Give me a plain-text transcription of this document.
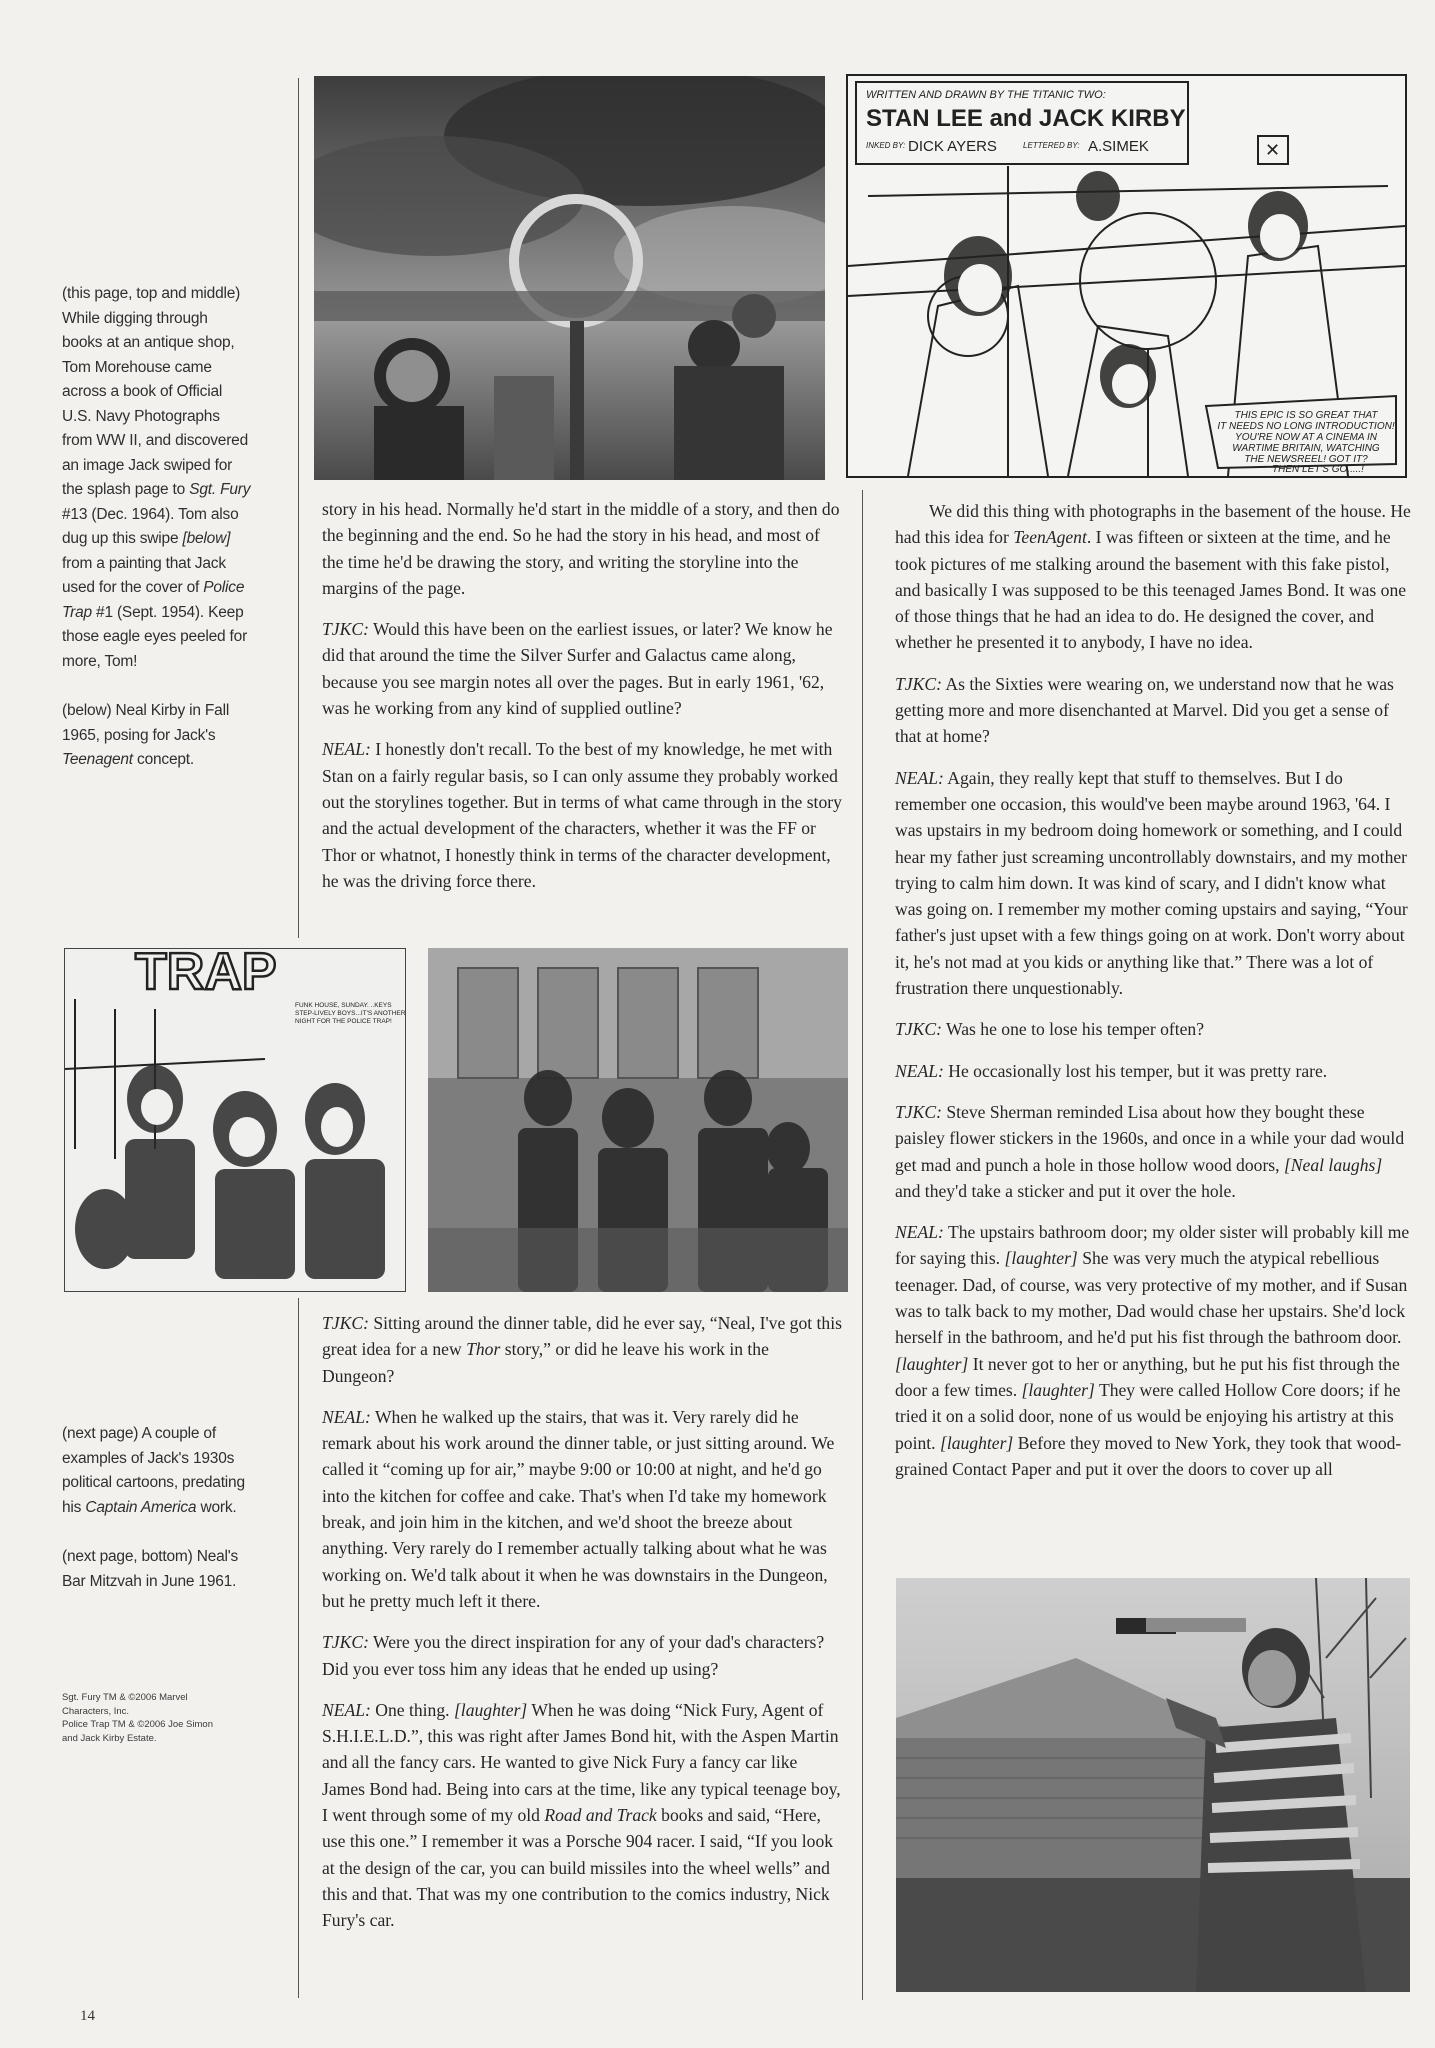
(this page, top and middle) While digging through books at an antique shop, Tom Morehouse came across a book of Official U.S. Navy Photographs from WW II, and discovered an image Jack swiped for the splash page to Sgt. Fury #13 (Dec. 1964). Tom also dug up this swipe [below] from a painting that Jack used for the cover of Police Trap #1 (Sept. 1954). Keep those eagle eyes peeled for more, Tom!

(below) Neal Kirby in Fall 1965, posing for Jack's Teenagent concept.

(next page) A couple of examples of Jack's 1930s political cartoons, predating his Captain America work.

(next page, bottom) Neal's Bar Mitzvah in June 1961.

Sgt. Fury TM & ©2006 Marvel

Characters, Inc.

Police Trap TM & ©2006 Joe Simon

and Jack Kirby Estate.

WRITTEN AND DRAWN BY THE TITANIC TWO:
STAN LEE and JACK KIRBY
INKED BY: DICK AYERS	LETTERED BY: A.SIMEK	✕
THIS EPIC IS SO GREAT THAT
IT NEEDS NO LONG INTRODUCTION!
YOU'RE NOW AT A CINEMA IN
WARTIME BRITAIN, WATCHING
THE NEWSREEL! GOT IT?
THEN LET'S GO.....!

story in his head. Normally he'd start in the middle of a story, and then do the beginning and the end. So he had the story in his head, and most of the time he'd be drawing the story, and writing the storyline into the margins of the page.

TJKC: Would this have been on the earliest issues, or later? We know he did that around the time the Silver Surfer and Galactus came along, because you see margin notes all over the pages. But in early 1961, '62, was he working from any kind of supplied outline?

NEAL: I honestly don't recall. To the best of my knowledge, he met with Stan on a fairly regular basis, so I can only assume they probably worked out the storylines together. But in terms of what came through in the story and the actual development of the characters, whether it was the FF or Thor or whatnot, I honestly think in terms of the character development, he was the driving force there.

TRAP
FUNK HOUSE, SUNDAY. ..KEYS
STEP-LIVELY BOYS...IT'S ANOTHER
NIGHT FOR THE POLICE TRAP!

TJKC: Sitting around the dinner table, did he ever say, “Neal, I've got this great idea for a new Thor story,” or did he leave his work in the Dungeon?

NEAL: When he walked up the stairs, that was it. Very rarely did he remark about his work around the dinner table, or just sitting around. We called it “coming up for air,” maybe 9:00 or 10:00 at night, and he'd go into the kitchen for coffee and cake. That's when I'd take my homework break, and join him in the kitchen, and we'd shoot the breeze about anything. Very rarely do I remember actually talking about what he was working on. We'd talk about it when he was downstairs in the Dungeon, but he pretty much left it there.

TJKC: Were you the direct inspiration for any of your dad's characters? Did you ever toss him any ideas that he ended up using?

NEAL: One thing. [laughter] When he was doing “Nick Fury, Agent of S.H.I.E.L.D.”, this was right after James Bond hit, with the Aspen Martin and all the fancy cars. He wanted to give Nick Fury a fancy car like James Bond had. Being into cars at the time, like any typical teenage boy, I went through some of my old Road and Track books and said, “Here, use this one.” I remember it was a Porsche 904 racer. I said, “If you look at the design of the car, you can build missiles into the wheel wells” and this and that. That was my one contribution to the comics industry, Nick Fury's car.

We did this thing with photographs in the basement of the house. He had this idea for TeenAgent. I was fifteen or sixteen at the time, and he took pictures of me stalking around the basement with this fake pistol, and basically I was supposed to be this teenaged James Bond. It was one of those things that he had an idea to do. He designed the cover, and whether he presented it to anybody, I have no idea.

TJKC: As the Sixties were wearing on, we understand now that he was getting more and more disenchanted at Marvel. Did you get a sense of that at home?

NEAL: Again, they really kept that stuff to themselves. But I do remember one occasion, this would've been maybe around 1963, '64. I was upstairs in my bedroom doing homework or something, and I could hear my father just screaming uncontrollably downstairs, and my mother trying to calm him down. It was kind of scary, and I didn't know what was going on. I remember my mother coming upstairs and saying, “Your father's just upset with a few things going on at work. Don't worry about it, he's not mad at you kids or anything like that.” There was a lot of frustration there unquestionably.

TJKC: Was he one to lose his temper often?

NEAL: He occasionally lost his temper, but it was pretty rare.

TJKC: Steve Sherman reminded Lisa about how they bought these paisley flower stickers in the 1960s, and once in a while your dad would get mad and punch a hole in those hollow wood doors, [Neal laughs] and they'd take a sticker and put it over the hole.

NEAL: The upstairs bathroom door; my older sister will probably kill me for saying this. [laughter] She was very much the atypical rebellious teenager. Dad, of course, was very protective of my mother, and if Susan was to talk back to my mother, Dad would chase her upstairs. She'd lock herself in the bathroom, and he'd put his fist through the bathroom door. [laughter] It never got to her or anything, but he put his fist through the door a few times. [laughter] They were called Hollow Core doors; if he tried it on a solid door, none of us would be enjoying his artistry at this point. [laughter] Before they moved to New York, they took that wood-grained Contact Paper and put it over the doors to cover up all

14
